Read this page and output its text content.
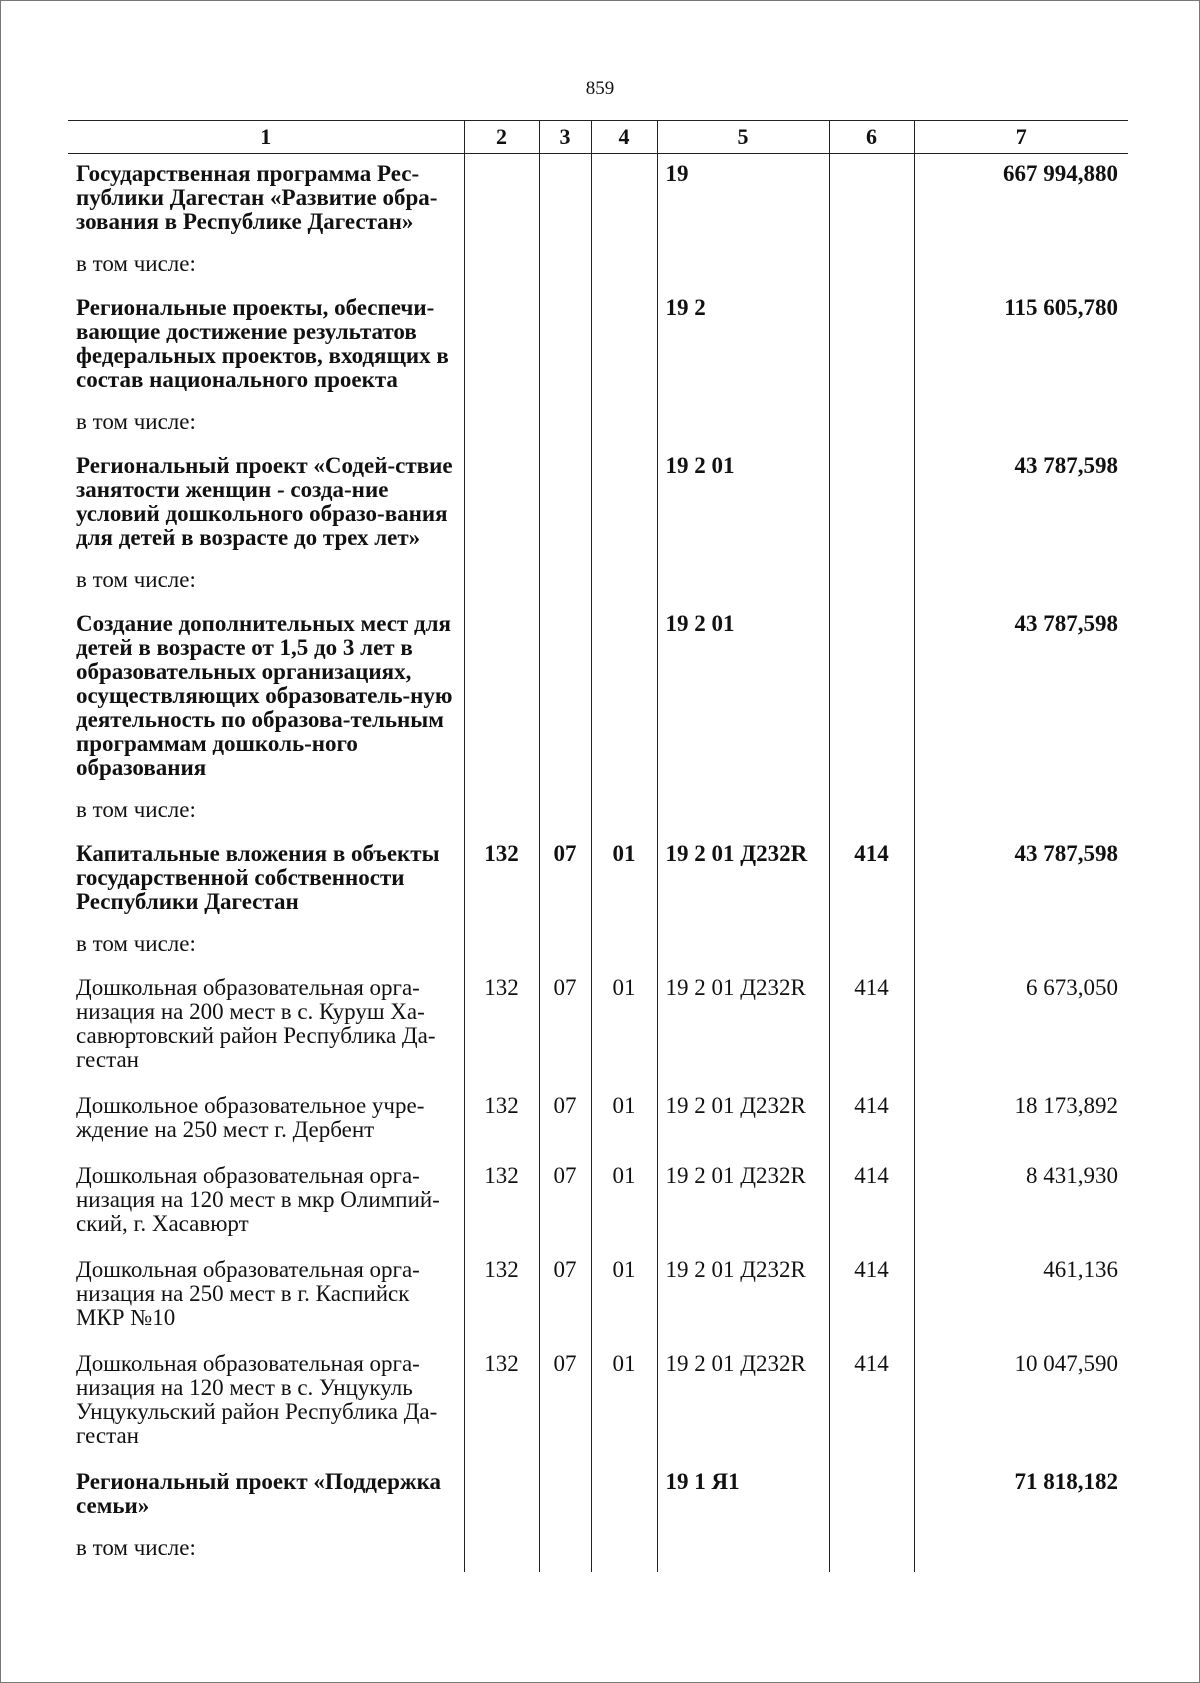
859
1	2	3	4	5	6	7
Государственная программа Рес-публики Дагестан «Развитие обра-зования в Республике Дагестан»				19		667 994,880
в том числе:						
Региональные проекты, обеспечи-вающие достижение результатов федеральных проектов, входящих в состав национального проекта				19 2		115 605,780
в том числе:						
Региональный проект «Содей-ствие занятости женщин - созда-ние условий дошкольного образо-вания для детей в возрасте до трех лет»				19 2 01		43 787,598
в том числе:						
Создание дополнительных мест для детей в возрасте от 1,5 до 3 лет в образовательных организациях, осуществляющих образователь-ную деятельность по образова-тельным программам дошколь-ного образования				19 2 01		43 787,598
в том числе:						
Капитальные вложения в объекты государственной собственности Республики Дагестан	132	07	01	19 2 01 Д232R	414	43 787,598
в том числе:						
Дошкольная образовательная орга-низация на 200 мест в с. Куруш Ха-савюртовский район Республика Да-гестан	132	07	01	19 2 01 Д232R	414	6 673,050
Дошкольное образовательное учре-ждение на 250 мест г. Дербент	132	07	01	19 2 01 Д232R	414	18 173,892
Дошкольная образовательная орга-низация на 120 мест в мкр Олимпий-ский, г. Хасавюрт	132	07	01	19 2 01 Д232R	414	8 431,930
Дошкольная образовательная орга-низация на 250 мест в г. Каспийск МКР №10	132	07	01	19 2 01 Д232R	414	461,136
Дошкольная образовательная орга-низация на 120 мест в с. Унцукуль Унцукульский район Республика Да-гестан	132	07	01	19 2 01 Д232R	414	10 047,590
Региональный проект «Поддержка семьи»				19 1 Я1		71 818,182
в том числе:						
